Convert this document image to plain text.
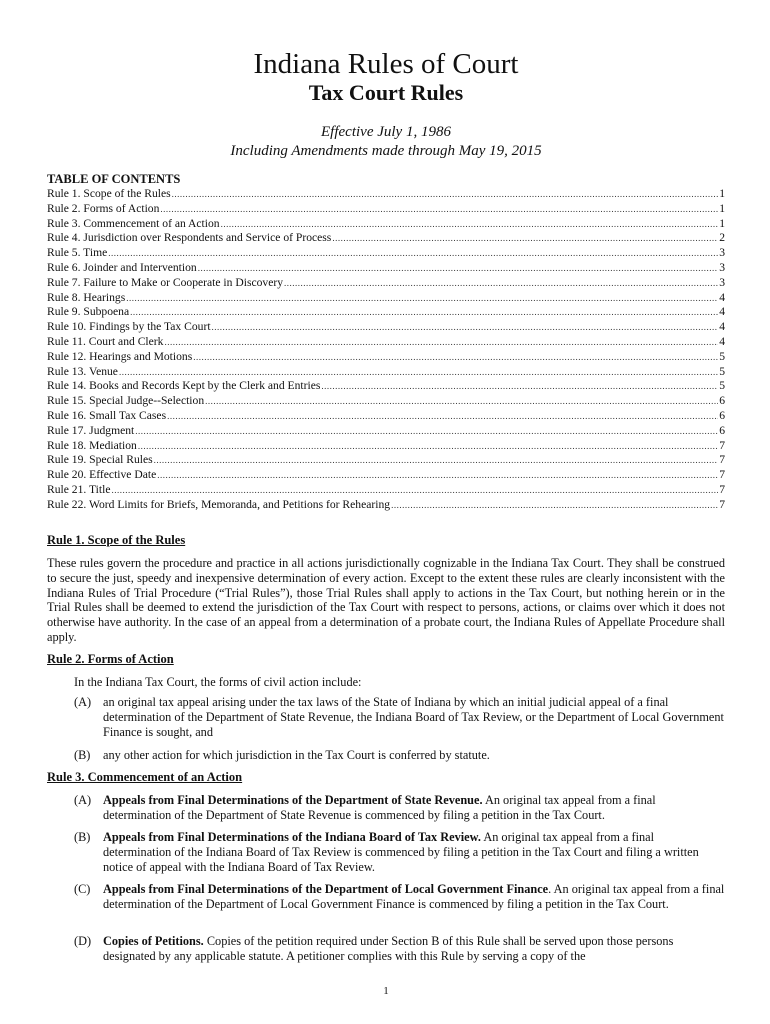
Indiana Rules of Court
Tax Court Rules
Effective July 1, 1986
Including Amendments made through May 19, 2015
TABLE OF CONTENTS
Rule 1. Scope of the Rules .....	1
Rule 2. Forms of Action .....	1
Rule 3. Commencement of an Action .....	1
Rule 4. Jurisdiction over Respondents and Service of Process .....	2
Rule 5. Time .....	3
Rule 6. Joinder and Intervention .....	3
Rule 7. Failure to Make or Cooperate in Discovery .....	3
Rule 8. Hearings .....	4
Rule 9. Subpoena .....	4
Rule 10. Findings by the Tax Court .....	4
Rule 11. Court and Clerk .....	4
Rule 12. Hearings and Motions .....	5
Rule 13. Venue .....	5
Rule 14. Books and Records Kept by the Clerk and Entries .....	5
Rule 15. Special Judge--Selection .....	6
Rule 16. Small Tax Cases .....	6
Rule 17. Judgment .....	6
Rule 18. Mediation .....	7
Rule 19. Special Rules .....	7
Rule 20. Effective Date .....	7
Rule 21. Title .....	7
Rule 22. Word Limits for Briefs, Memoranda, and Petitions for Rehearing .....	7
Rule 1. Scope of the Rules
These rules govern the procedure and practice in all actions jurisdictionally cognizable in the Indiana Tax Court. They shall be construed to secure the just, speedy and inexpensive determination of every action. Except to the extent these rules are clearly inconsistent with the Indiana Rules of Trial Procedure (“Trial Rules”), those Trial Rules shall apply to actions in the Tax Court, but nothing herein or in the Trial Rules shall be deemed to extend the jurisdiction of the Tax Court with respect to persons, actions, or claims over which it does not otherwise have authority. In the case of an appeal from a determination of a probate court, the Indiana Rules of Appellate Procedure shall apply.
Rule 2. Forms of Action
In the Indiana Tax Court, the forms of civil action include:
(A) an original tax appeal arising under the tax laws of the State of Indiana by which an initial judicial appeal of a final determination of the Department of State Revenue, the Indiana Board of Tax Review, or the Department of Local Government Finance is sought, and
(B) any other action for which jurisdiction in the Tax Court is conferred by statute.
Rule 3. Commencement of an Action
(A) Appeals from Final Determinations of the Department of State Revenue. An original tax appeal from a final determination of the Department of State Revenue is commenced by filing a petition in the Tax Court.
(B) Appeals from Final Determinations of the Indiana Board of Tax Review. An original tax appeal from a final determination of the Indiana Board of Tax Review is commenced by filing a petition in the Tax Court and filing a written notice of appeal with the Indiana Board of Tax Review.
(C) Appeals from Final Determinations of the Department of Local Government Finance. An original tax appeal from a final determination of the Department of Local Government Finance is commenced by filing a petition in the Tax Court.
(D) Copies of Petitions. Copies of the petition required under Section B of this Rule shall be served upon those persons designated by any applicable statute. A petitioner complies with this Rule by serving a copy of the
1
